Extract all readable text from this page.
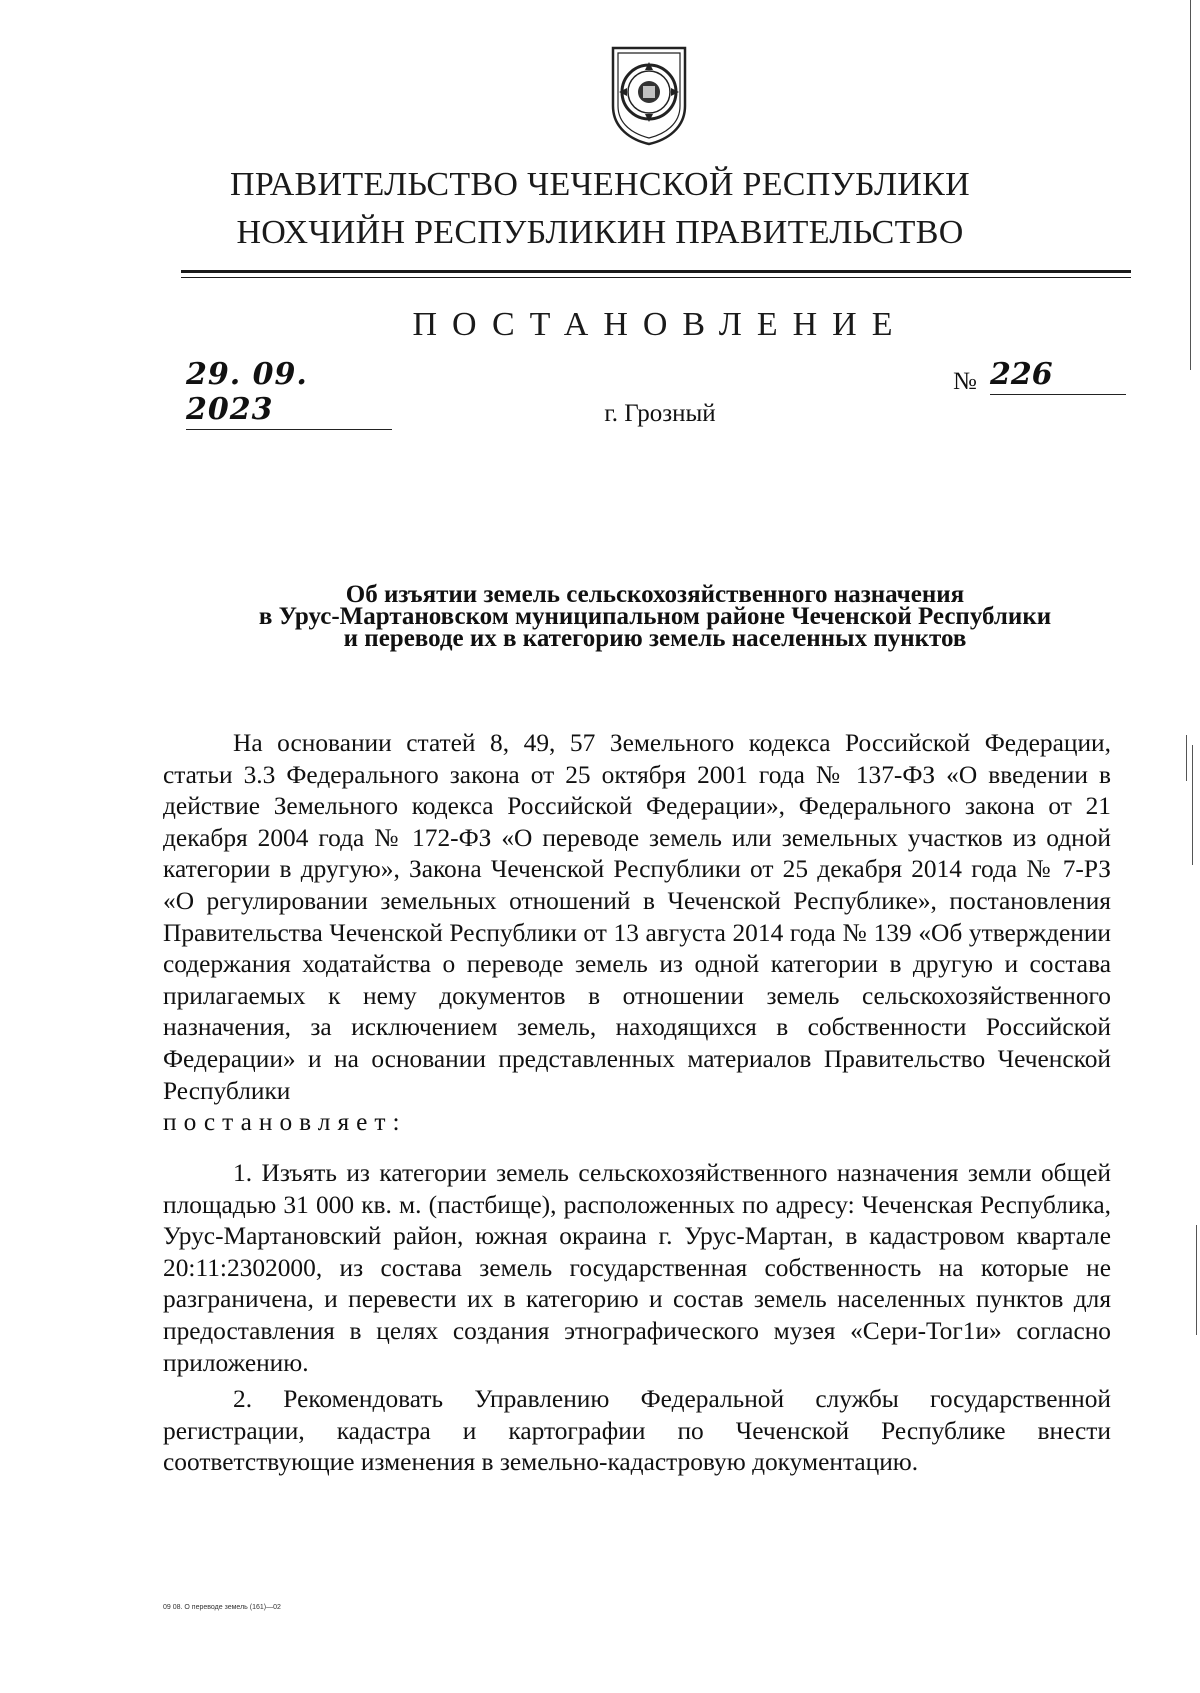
ПРАВИТЕЛЬСТВО ЧЕЧЕНСКОЙ РЕСПУБЛИКИ
НОХЧИЙН РЕСПУБЛИКИН ПРАВИТЕЛЬСТВО
ПОСТАНОВЛЕНИЕ
29. 09. 2023
№ 226
г. Грозный
Об изъятии земель сельскохозяйственного назначения
в Урус-Мартановском муниципальном районе Чеченской Республики
и переводе их в категорию земель населенных пунктов

На основании статей 8, 49, 57 Земельного кодекса Российской Федерации, статьи 3.3 Федерального закона от 25 октября 2001 года № 137-ФЗ «О введении в действие Земельного кодекса Российской Федерации», Федерального закона от 21 декабря 2004 года № 172-ФЗ «О переводе земель или земельных участков из одной категории в другую», Закона Чеченской Республики от 25 декабря 2014 года № 7-РЗ «О регулировании земельных отношений в Чеченской Республике», постановления Правительства Чеченской Республики от 13 августа 2014 года № 139 «Об утверждении содержания ходатайства о переводе земель из одной категории в другую и состава прилагаемых к нему документов в отношении земель сельскохозяйственного назначения, за исключением земель, находящихся в собственности Российской Федерации» и на основании представленных материалов Правительство Чеченской Республики

постановляет:

1. Изъять из категории земель сельскохозяйственного назначения земли общей площадью 31 000 кв. м. (пастбище), расположенных по адресу: Чеченская Республика, Урус-Мартановский район, южная окраина г. Урус-Мартан, в кадастровом квартале 20:11:2302000, из состава земель государственная собственность на которые не разграничена, и перевести их в категорию и состав земель населенных пунктов для предоставления в целях создания этнографического музея «Сери-Тог1и» согласно приложению.

2. Рекомендовать Управлению Федеральной службы государственной регистрации, кадастра и картографии по Чеченской Республике внести соответствующие изменения в земельно-кадастровую документацию.

09 08. О переводе земель (161)—02
